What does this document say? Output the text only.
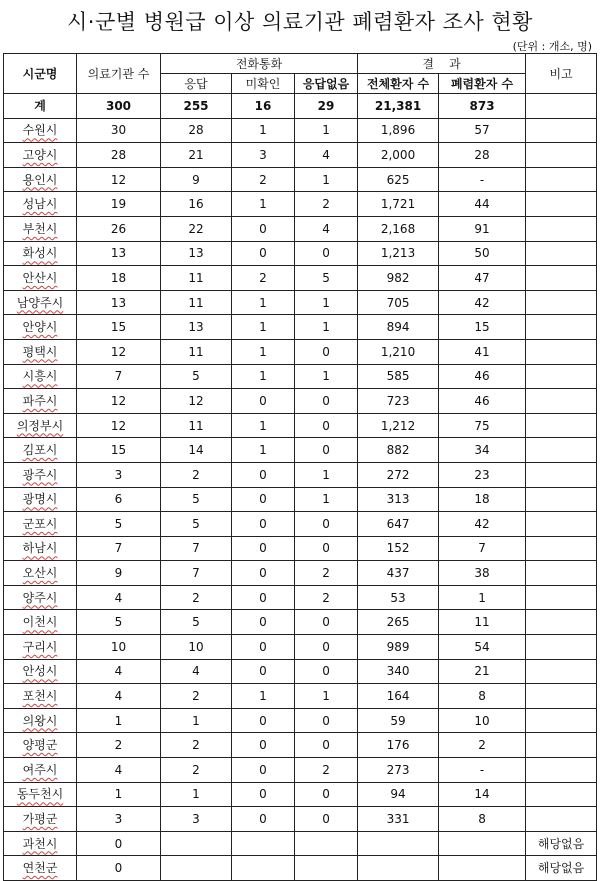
시·군별 병원급 이상 의료기관 폐렴환자 조사 현황
(단위 : 개소, 명)
시군명	의료기관 수	전화통화			결    과		비고
		응답	미확인	응답없음	전체환자 수	폐렴환자 수	
계	300	255	16	29	21,381	873	
수원시	30	28	1	1	1,896	57	
고양시	28	21	3	4	2,000	28	
용인시	12	9	2	1	625	-	
성남시	19	16	1	2	1,721	44	
부천시	26	22	0	4	2,168	91	
화성시	13	13	0	0	1,213	50	
안산시	18	11	2	5	982	47	
남양주시	13	11	1	1	705	42	
안양시	15	13	1	1	894	15	
평택시	12	11	1	0	1,210	41	
시흥시	7	5	1	1	585	46	
파주시	12	12	0	0	723	46	
의정부시	12	11	1	0	1,212	75	
김포시	15	14	1	0	882	34	
광주시	3	2	0	1	272	23	
광명시	6	5	0	1	313	18	
군포시	5	5	0	0	647	42	
하남시	7	7	0	0	152	7	
오산시	9	7	0	2	437	38	
양주시	4	2	0	2	53	1	
이천시	5	5	0	0	265	11	
구리시	10	10	0	0	989	54	
안성시	4	4	0	0	340	21	
포천시	4	2	1	1	164	8	
의왕시	1	1	0	0	59	10	
양평군	2	2	0	0	176	2	
여주시	4	2	0	2	273	-	
동두천시	1	1	0	0	94	14	
가평군	3	3	0	0	331	8	
과천시	0						해당없음
연천군	0						해당없음
